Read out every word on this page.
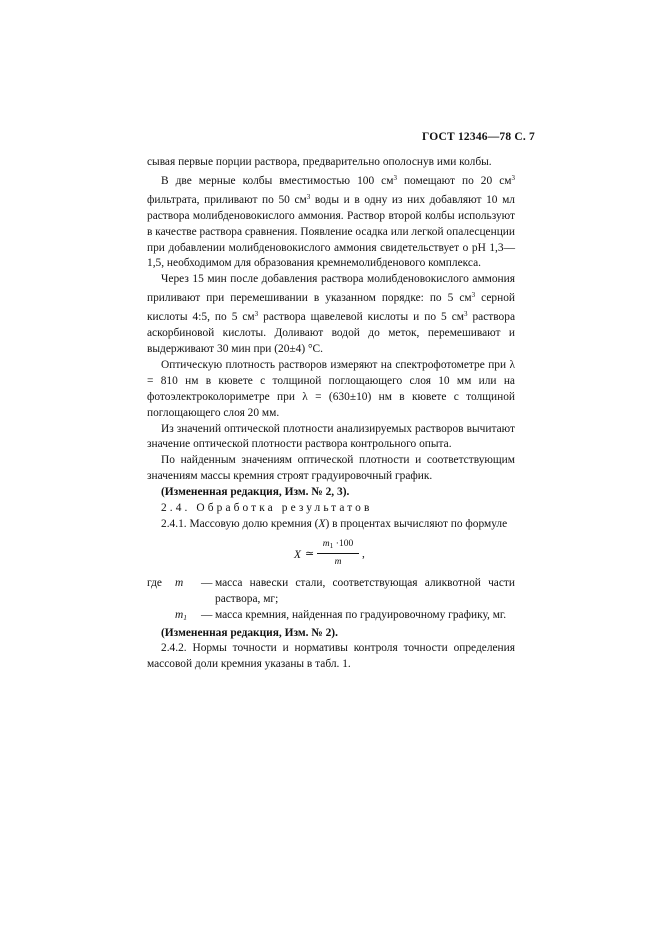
ГОСТ 12346—78 С. 7

сывая первые порции раствора, предварительно ополоснув ими колбы.

В две мерные колбы вместимостью 100 $см^3$ помещают по 20 $см^3$ фильтрата, приливают по 50 $см^3$ воды и в одну из них добавляют 10 мл раствора молибденовокислого аммония. Раствор второй колбы используют в качестве раствора сравнения. Появление осадка или легкой опалесценции при добавлении молибденовокислого аммония свидетельствует о рН 1,3—1,5, необходимом для образования кремнемолибденового комплекса.

Через 15 мин после добавления раствора молибденовокислого аммония приливают при перемешивании в указанном порядке: по 5 $см^3$ серной кислоты 4:5, по 5 $см^3$ раствора щавелевой кислоты и по 5 $см^3$ раствора аскорбиновой кислоты. Доливают водой до меток, перемешивают и выдерживают 30 мин при (20±4) °С.

Оптическую плотность растворов измеряют на спектрофотометре при λ = 810 нм в кювете с толщиной поглощающего слоя 10 мм или на фотоэлектроколориметре при λ = (630±10) нм в кювете с толщиной поглощающего слоя 20 мм.

Из значений оптической плотности анализируемых растворов вычитают значение оптической плотности раствора контрольного опыта.

По найденным значениям оптической плотности и соответствующим значениям массы кремния строят градуировочный график.

(Измененная редакция, Изм. № 2, 3).

2.4. Обработка результатов

2.4.1. Массовую долю кремния (X) в процентах вычисляют по формуле

X ≃
$m_1 \cdot 100$
m
,
где	m	—	масса навески стали, соответствующая аликвотной части раствора, мг;
	$m_1$	—	масса кремния, найденная по градуировочному графику, мг.

(Измененная редакция, Изм. № 2).

2.4.2. Нормы точности и нормативы контроля точности определения массовой доли кремния указаны в табл. 1.
